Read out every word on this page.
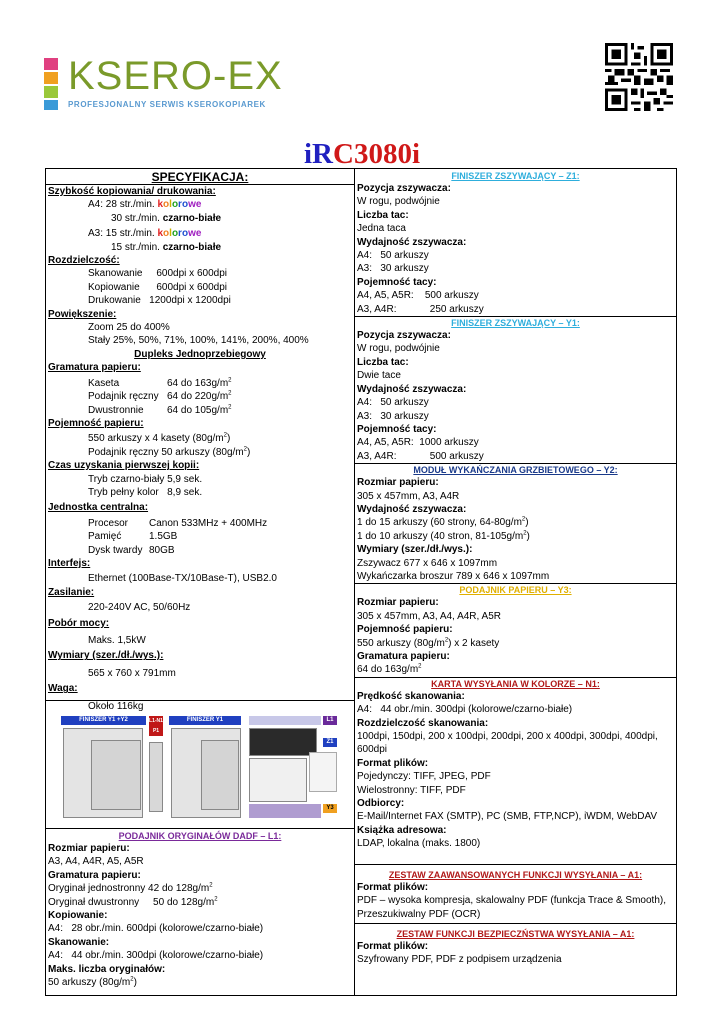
KSERO-EX
PROFESJONALNY SERWIS KSEROKOPIAREK
iRC3080i
SPECYFIKACJA:
Szybkość kopiowania/ drukowania:
A4: 28 str./min. kolorowe
30 str./min. czarno-białe
A3: 15 str./min. kolorowe
15 str./min. czarno-białe
Rozdzielczość:
Skanowanie     600dpi x 600dpi
Kopiowanie      600dpi x 600dpi
Drukowanie   1200dpi x 1200dpi
Powiększenie:
Zoom 25 do 400%
Stały 25%, 50%, 71%, 100%, 141%, 200%, 400%
Dupleks Jednoprzebiegowy
Gramatura papieru:
Kaseta	64 do $163g/m^2$
Podajnik ręczny 64 do $220g/m^2$
Dwustronnie 64 do $105g/m^2$
Pojemność papieru:
550 arkuszy x 4 kasety $(80g/m^2)$
Podajnik ręczny 50 arkuszy $(80g/m^2)$
Czas uzyskania pierwszej kopii:
Tryb czarno-biały 5,9 sek.
Tryb pełny kolor   8,9 sek.
Jednostka centralna:
Procesor Canon 533MHz + 400MHz
Pamięć	1.5GB
Dysk twardy 80GB
Interfejs:
Ethernet (100Base-TX/10Base-T), USB2.0
Zasilanie:
220-240V AC, 50/60Hz
Pobór mocy:
Maks. 1,5kW
Wymiary (szer./dł./wys.):
565 x 760 x 791mm
Waga:
Około 116kg
FINISZER Y1 +Y2	L1-N1 P1
FINISZER Y1	L1
Z1
Y3
PODAJNIK ORYGINAŁÓW DADF – L1:
Rozmiar papieru:
A3, A4, A4R, A5, A5R
Gramatura papieru:
Oryginał jednostronny 42 do $128g/m^2$
Oryginał dwustronny     50 do $128g/m^2$
Kopiowanie:
A4:   28 obr./min. 600dpi (kolorowe/czarno-białe)
Skanowanie:
A4:   44 obr./min. 300dpi (kolorowe/czarno-białe)
Maks. liczba oryginałów:
50 arkuszy $(80g/m^2)$
FINISZER ZSZYWAJĄCY – Z1:
Pozycja zszywacza:
W rogu, podwójnie
Liczba tac:
Jedna taca
Wydajność zszywacza:
A4:   50 arkuszy
A3:   30 arkuszy
Pojemność tacy:
A4, A5, A5R:    500 arkuszy
A3, A4R:            250 arkuszy
FINISZER ZSZYWAJĄCY – Y1:
Pozycja zszywacza:
W rogu, podwójnie
Liczba tac:
Dwie tace
Wydajność zszywacza:
A4:   50 arkuszy
A3:   30 arkuszy
Pojemność tacy:
A4, A5, A5R:  1000 arkuszy
A3, A4R:            500 arkuszy
MODUŁ WYKAŃCZANIA GRZBIETOWEGO – Y2:
Rozmiar papieru:
305 x 457mm, A3, A4R
Wydajność zszywacza:
1 do 15 arkuszy (60 strony, $64-80g/m^2$)
1 do 10 arkuszy (40 stron, $81-105g/m^2$)
Wymiary (szer./dł./wys.):
Zszywacz 677 x 646 x 1097mm
Wykańczarka broszur 789 x 646 x 1097mm
PODAJNIK PAPIERU – Y3:
Rozmiar papieru:
305 x 457mm, A3, A4, A4R, A5R
Pojemność papieru:
550 arkuszy $(80g/m^2)$ x 2 kasety
Gramatura papieru:
64 do $163g/m^2$
KARTA WYSYŁANIA W KOLORZE – N1:
Prędkość skanowania:
A4:   44 obr./min. 300dpi (kolorowe/czarno-białe)
Rozdzielczość skanowania:
100dpi, 150dpi, 200 x 100dpi, 200dpi, 200 x 400dpi, 300dpi, 400dpi, 600dpi
Format plików:
Pojedynczy: TIFF, JPEG, PDF
Wielostronny: TIFF, PDF
Odbiorcy:
E-Mail/Internet FAX (SMTP), PC (SMB, FTP,NCP), iWDM, WebDAV
Książka adresowa:
LDAP, lokalna (maks. 1800)
ZESTAW ZAAWANSOWANYCH FUNKCJI WYSYŁANIA – A1:
Format plików:
PDF – wysoka kompresja, skalowalny PDF (funkcja Trace & Smooth), Przeszukiwalny PDF (OCR)
ZESTAW FUNKCJI BEZPIECZŃSTWA WYSYŁANIA – A1:
Format plików:
Szyfrowany PDF, PDF z podpisem urządzenia
